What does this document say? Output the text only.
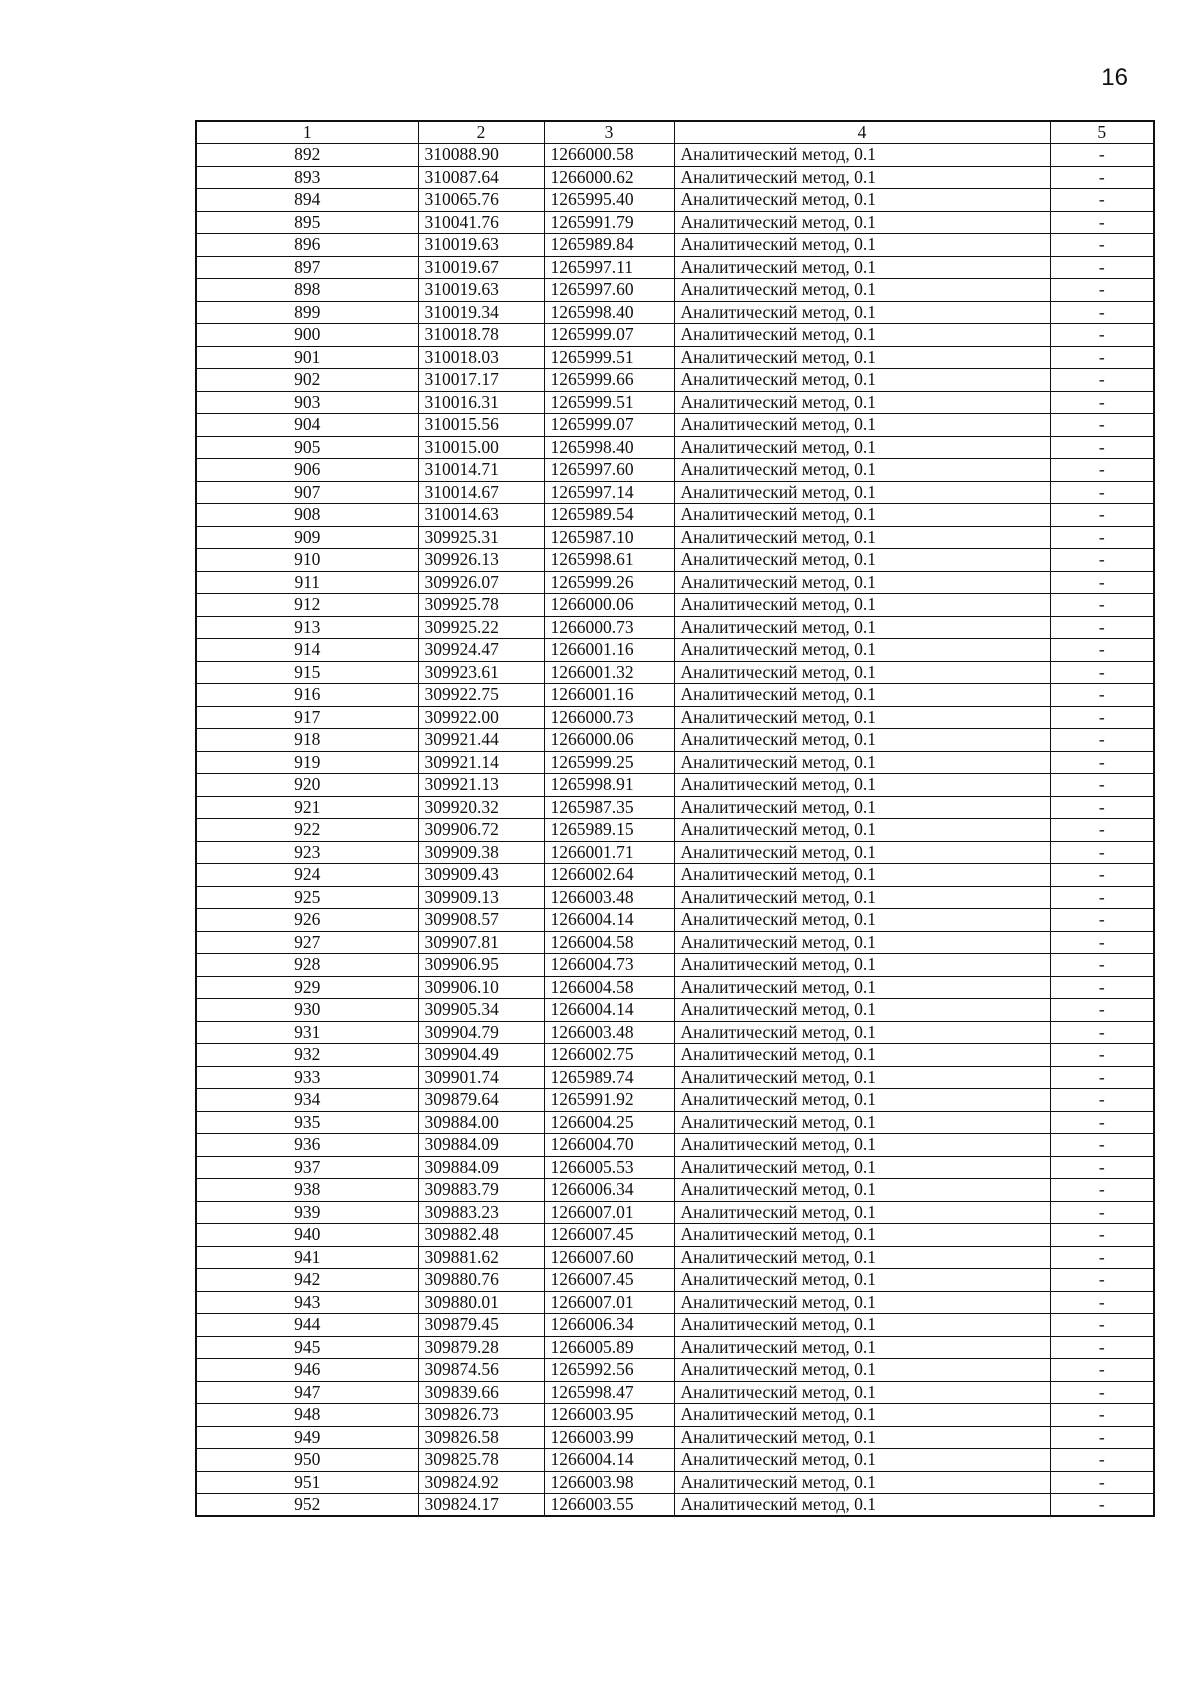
16
1	2	3	4	5
892	310088.90	1266000.58	Аналитический метод, 0.1	-
893	310087.64	1266000.62	Аналитический метод, 0.1	-
894	310065.76	1265995.40	Аналитический метод, 0.1	-
895	310041.76	1265991.79	Аналитический метод, 0.1	-
896	310019.63	1265989.84	Аналитический метод, 0.1	-
897	310019.67	1265997.11	Аналитический метод, 0.1	-
898	310019.63	1265997.60	Аналитический метод, 0.1	-
899	310019.34	1265998.40	Аналитический метод, 0.1	-
900	310018.78	1265999.07	Аналитический метод, 0.1	-
901	310018.03	1265999.51	Аналитический метод, 0.1	-
902	310017.17	1265999.66	Аналитический метод, 0.1	-
903	310016.31	1265999.51	Аналитический метод, 0.1	-
904	310015.56	1265999.07	Аналитический метод, 0.1	-
905	310015.00	1265998.40	Аналитический метод, 0.1	-
906	310014.71	1265997.60	Аналитический метод, 0.1	-
907	310014.67	1265997.14	Аналитический метод, 0.1	-
908	310014.63	1265989.54	Аналитический метод, 0.1	-
909	309925.31	1265987.10	Аналитический метод, 0.1	-
910	309926.13	1265998.61	Аналитический метод, 0.1	-
911	309926.07	1265999.26	Аналитический метод, 0.1	-
912	309925.78	1266000.06	Аналитический метод, 0.1	-
913	309925.22	1266000.73	Аналитический метод, 0.1	-
914	309924.47	1266001.16	Аналитический метод, 0.1	-
915	309923.61	1266001.32	Аналитический метод, 0.1	-
916	309922.75	1266001.16	Аналитический метод, 0.1	-
917	309922.00	1266000.73	Аналитический метод, 0.1	-
918	309921.44	1266000.06	Аналитический метод, 0.1	-
919	309921.14	1265999.25	Аналитический метод, 0.1	-
920	309921.13	1265998.91	Аналитический метод, 0.1	-
921	309920.32	1265987.35	Аналитический метод, 0.1	-
922	309906.72	1265989.15	Аналитический метод, 0.1	-
923	309909.38	1266001.71	Аналитический метод, 0.1	-
924	309909.43	1266002.64	Аналитический метод, 0.1	-
925	309909.13	1266003.48	Аналитический метод, 0.1	-
926	309908.57	1266004.14	Аналитический метод, 0.1	-
927	309907.81	1266004.58	Аналитический метод, 0.1	-
928	309906.95	1266004.73	Аналитический метод, 0.1	-
929	309906.10	1266004.58	Аналитический метод, 0.1	-
930	309905.34	1266004.14	Аналитический метод, 0.1	-
931	309904.79	1266003.48	Аналитический метод, 0.1	-
932	309904.49	1266002.75	Аналитический метод, 0.1	-
933	309901.74	1265989.74	Аналитический метод, 0.1	-
934	309879.64	1265991.92	Аналитический метод, 0.1	-
935	309884.00	1266004.25	Аналитический метод, 0.1	-
936	309884.09	1266004.70	Аналитический метод, 0.1	-
937	309884.09	1266005.53	Аналитический метод, 0.1	-
938	309883.79	1266006.34	Аналитический метод, 0.1	-
939	309883.23	1266007.01	Аналитический метод, 0.1	-
940	309882.48	1266007.45	Аналитический метод, 0.1	-
941	309881.62	1266007.60	Аналитический метод, 0.1	-
942	309880.76	1266007.45	Аналитический метод, 0.1	-
943	309880.01	1266007.01	Аналитический метод, 0.1	-
944	309879.45	1266006.34	Аналитический метод, 0.1	-
945	309879.28	1266005.89	Аналитический метод, 0.1	-
946	309874.56	1265992.56	Аналитический метод, 0.1	-
947	309839.66	1265998.47	Аналитический метод, 0.1	-
948	309826.73	1266003.95	Аналитический метод, 0.1	-
949	309826.58	1266003.99	Аналитический метод, 0.1	-
950	309825.78	1266004.14	Аналитический метод, 0.1	-
951	309824.92	1266003.98	Аналитический метод, 0.1	-
952	309824.17	1266003.55	Аналитический метод, 0.1	-
